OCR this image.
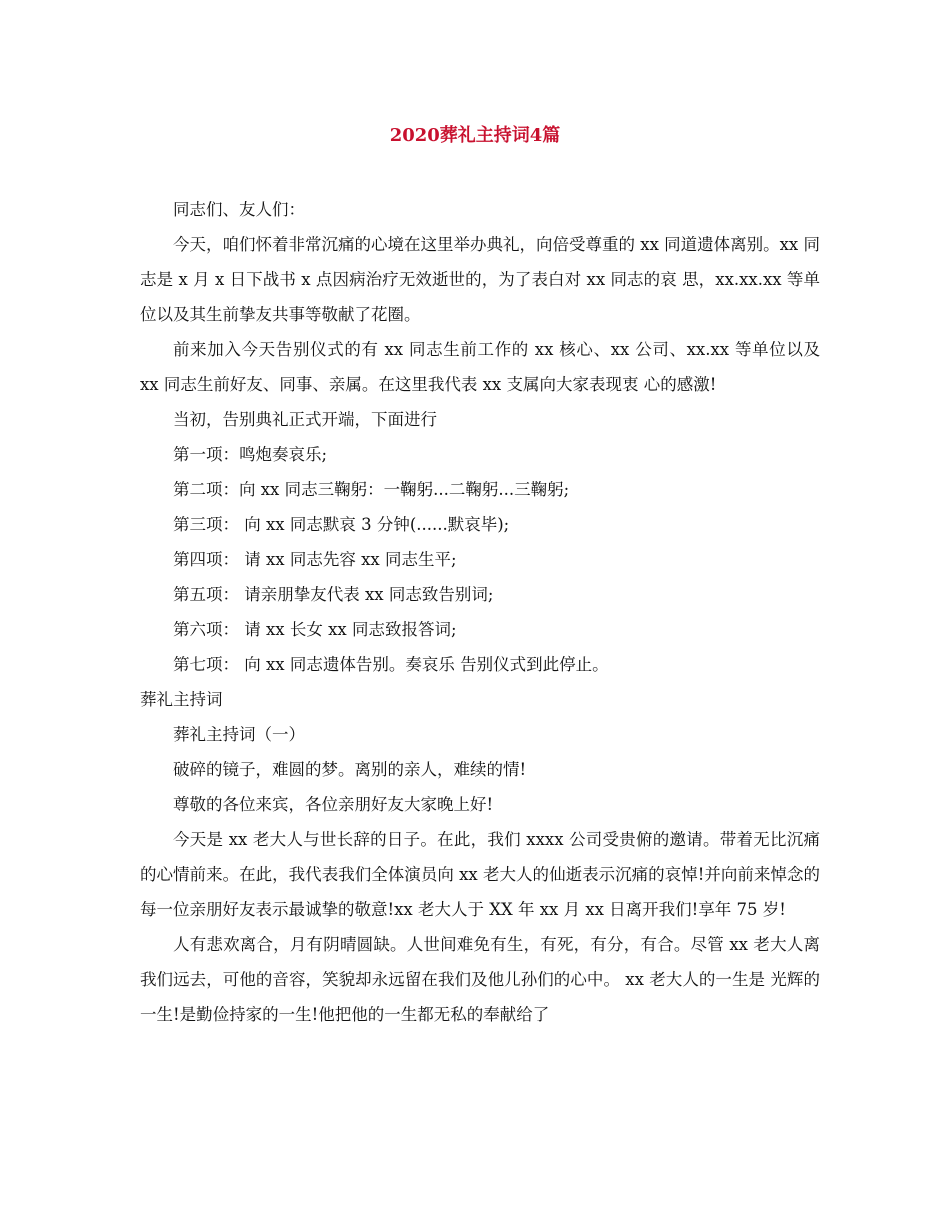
2020葬礼主持词4篇

同志们、友人们：

今天，咱们怀着非常沉痛的心境在这里举办典礼，向倍受尊重的 xx 同道遗体离别。xx 同志是 x 月 x 日下战书 x 点因病治疗无效逝世的，为了表白对 xx 同志的哀 思，xx.xx.xx 等单位以及其生前挚友共事等敬献了花圈。

前来加入今天告别仪式的有 xx 同志生前工作的 xx 核心、xx 公司、xx.xx 等单位以及 xx 同志生前好友、同事、亲属。在这里我代表 xx 支属向大家表现衷 心的感激!

当初，告别典礼正式开端，下面进行

第一项：鸣炮奏哀乐;

第二项：向 xx 同志三鞠躬：一鞠躬...二鞠躬...三鞠躬;

第三项： 向 xx 同志默哀 3 分钟(......默哀毕);

第四项： 请 xx 同志先容 xx 同志生平;

第五项： 请亲朋挚友代表 xx 同志致告别词;

第六项： 请 xx 长女 xx 同志致报答词;

第七项： 向 xx 同志遗体告别。奏哀乐 告别仪式到此停止。

葬礼主持词

葬礼主持词（一）

破碎的镜子，难圆的梦。离别的亲人，难续的情!

尊敬的各位来宾，各位亲朋好友大家晚上好!

今天是 xx 老大人与世长辞的日子。在此，我们 xxxx 公司受贵俯的邀请。带着无比沉痛的心情前来。在此，我代表我们全体演员向 xx 老大人的仙逝表示沉痛的哀悼!并向前来悼念的每一位亲朋好友表示最诚挚的敬意!xx 老大人于 XX 年 xx 月 xx 日离开我们!享年 75 岁!

人有悲欢离合，月有阴晴圆缺。人世间难免有生，有死，有分，有合。尽管 xx 老大人离我们远去，可他的音容，笑貌却永远留在我们及他儿孙们的心中。 xx 老大人的一生是 光辉的一生!是勤俭持家的一生!他把他的一生都无私的奉献给了
